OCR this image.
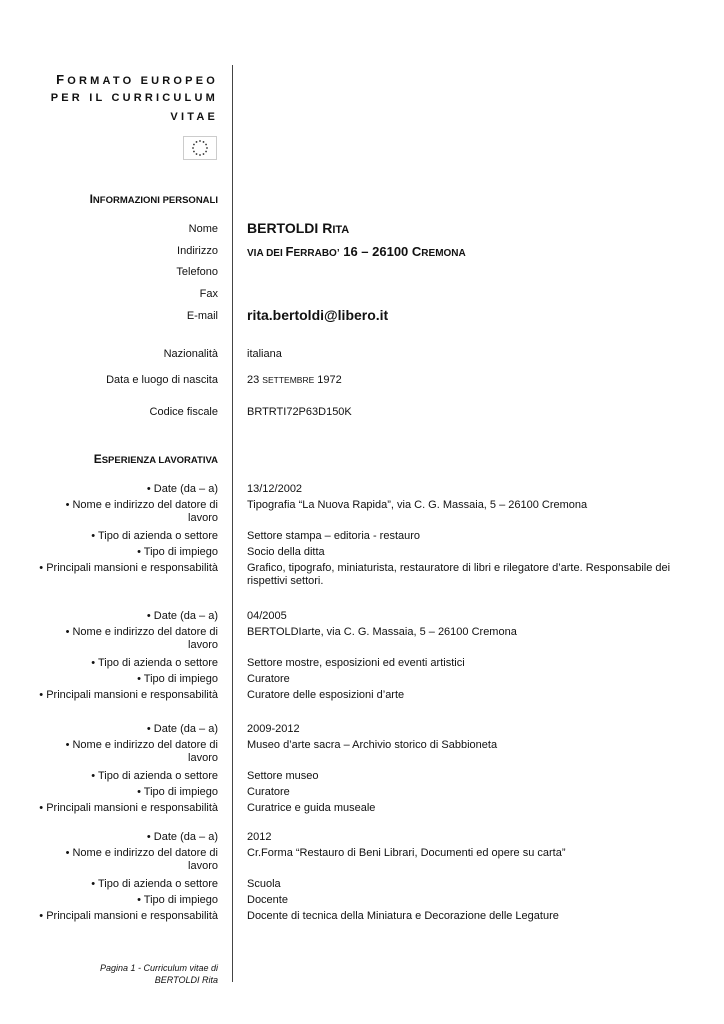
FORMATO EUROPEO
PER IL CURRICULUM
VITAE
INFORMAZIONI PERSONALI
Nome BERTOLDI RITA
Indirizzo	VIA DEI FERRABO’ 16 – 26100 CREMONA
Telefono
Fax
E-mail rita.bertoldi@libero.it
Nazionalità	italiana
Data e luogo di nascita	23 SETTEMBRE 1972
Codice fiscale	BRTRTI72P63D150K
ESPERIENZA LAVORATIVA
• Date (da – a)	13/12/2002
• Nome e indirizzo del datore di lavoro
Tipografia “La Nuova Rapida”, via C. G. Massaia, 5 – 26100 Cremona
• Tipo di azienda o settore	Settore stampa – editoria - restauro
• Tipo di impiego	Socio della ditta
• Principali mansioni e responsabilità	Grafico, tipografo, miniaturista, restauratore di libri e rilegatore d’arte. Responsabile dei rispettivi settori.
• Date (da – a)	04/2005
• Nome e indirizzo del datore di lavoro
BERTOLDIarte, via C. G. Massaia, 5 – 26100 Cremona
• Tipo di azienda o settore	Settore mostre, esposizioni ed eventi artistici
• Tipo di impiego	Curatore
• Principali mansioni e responsabilità	Curatore delle esposizioni d’arte
• Date (da – a)	2009-2012
• Nome e indirizzo del datore di lavoro
Museo d’arte sacra – Archivio storico di Sabbioneta
• Tipo di azienda o settore	Settore museo
• Tipo di impiego	Curatore
• Principali mansioni e responsabilità	Curatrice e guida museale
• Date (da – a)	2012
• Nome e indirizzo del datore di lavoro
Cr.Forma “Restauro di Beni Librari, Documenti ed opere su carta”
• Tipo di azienda o settore	Scuola
• Tipo di impiego	Docente
• Principali mansioni e responsabilità	Docente di tecnica della Miniatura e Decorazione delle Legature
Pagina 1 - Curriculum vitae di
BERTOLDI Rita
